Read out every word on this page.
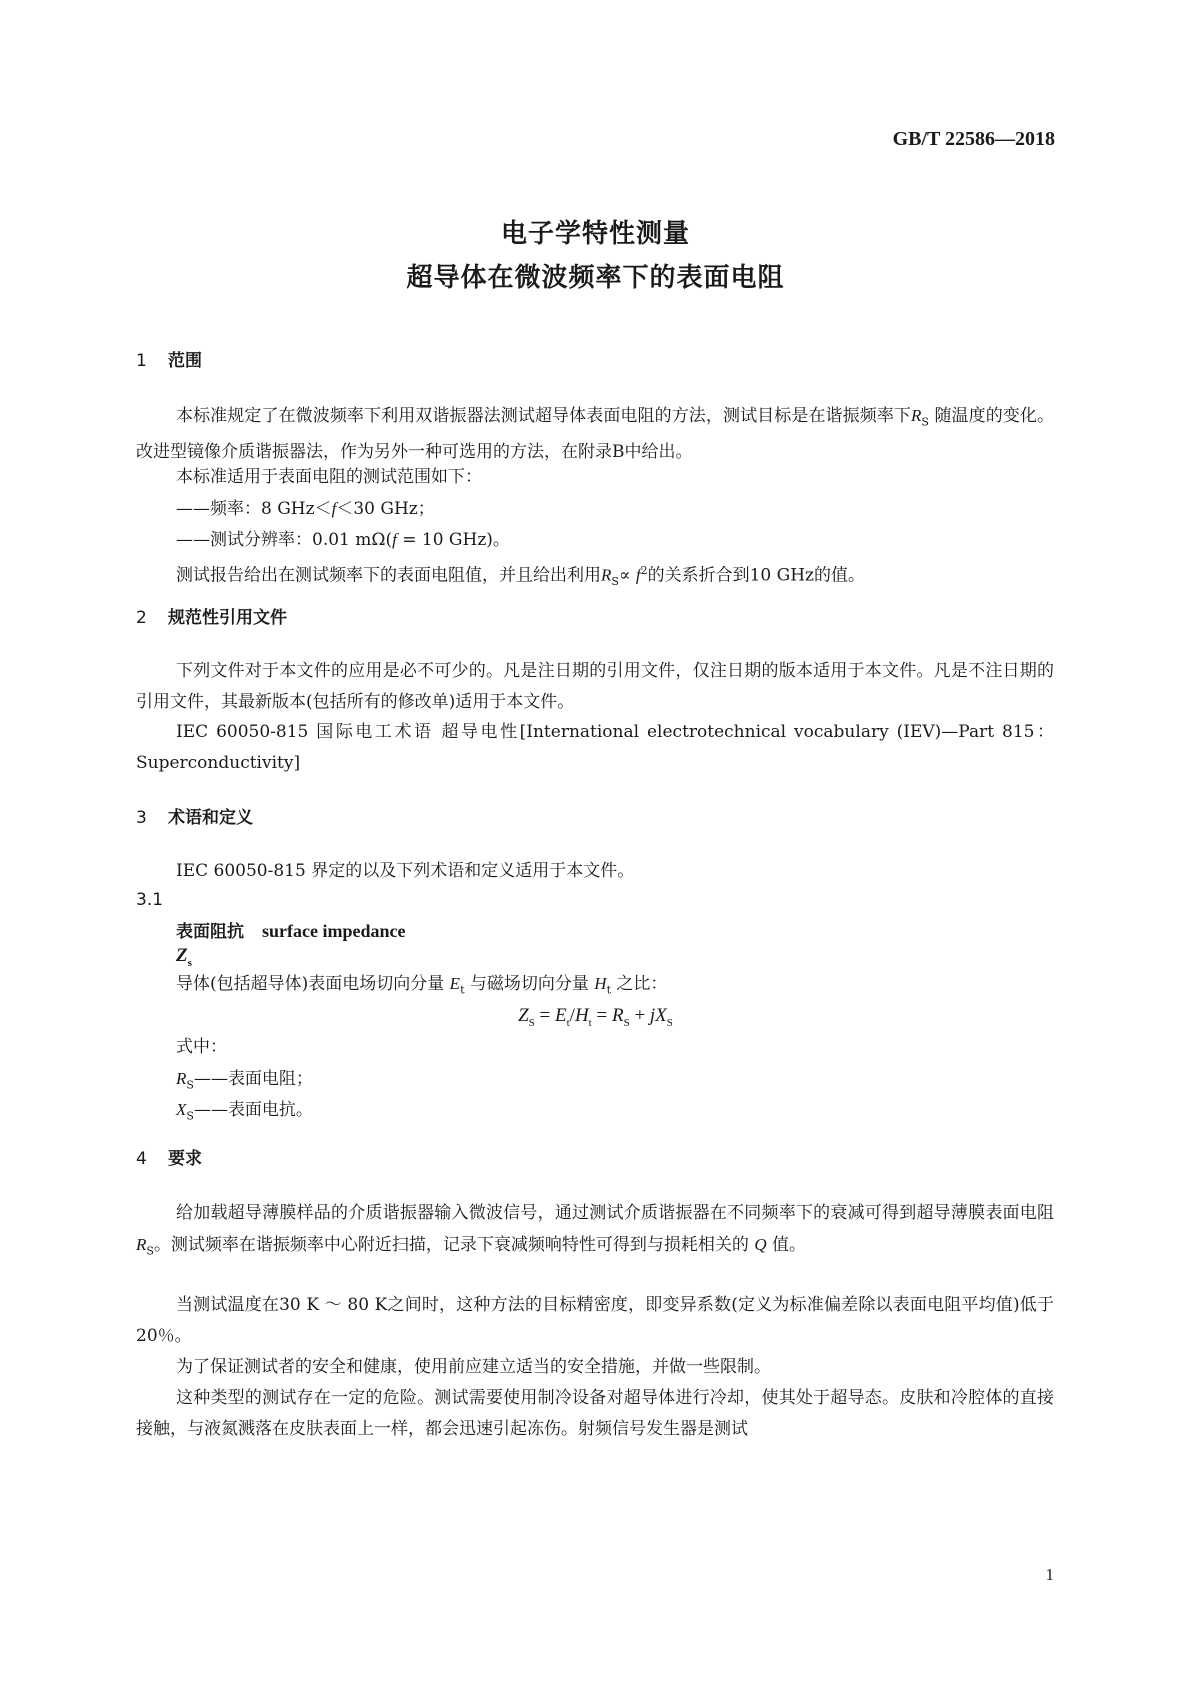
GB/T 22586—2018
电子学特性测量
超导体在微波频率下的表面电阻
1 范围
本标准规定了在微波频率下利用双谐振器法测试超导体表面电阻的方法，测试目标是在谐振频率下$R_S$ 随温度的变化。改进型镜像介质谐振器法，作为另外一种可选用的方法，在附录B中给出。
本标准适用于表面电阻的测试范围如下：
——频率：8 GHz＜f＜30 GHz；
——测试分辨率：0.01 mΩ(f = 10 GHz)。
测试报告给出在测试频率下的表面电阻值，并且给出利用$R_S\propto f^2$的关系折合到10 GHz的值。
2 规范性引用文件
下列文件对于本文件的应用是必不可少的。凡是注日期的引用文件，仅注日期的版本适用于本文件。凡是不注日期的引用文件，其最新版本(包括所有的修改单)适用于本文件。
IEC 60050-815 国际电工术语 超导电性[International electrotechnical vocabulary (IEV)—Part 815：Superconductivity]
3 术语和定义
IEC 60050-815 界定的以及下列术语和定义适用于本文件。
3.1
表面阻抗 surface impedance
$Z_s$
导体(包括超导体)表面电场切向分量 $E_t$ 与磁场切向分量 $H_t$ 之比：
$Z_S = E_t/H_t = R_S + jX_S$
式中：
$R_S——$表面电阻；
$X_S——$表面电抗。
4 要求
给加载超导薄膜样品的介质谐振器输入微波信号，通过测试介质谐振器在不同频率下的衰减可得到超导薄膜表面电阻 $R_S$。测试频率在谐振频率中心附近扫描，记录下衰减频响特性可得到与损耗相关的 Q 值。
当测试温度在30 K ～ 80 K之间时，这种方法的目标精密度，即变异系数(定义为标准偏差除以表面电阻平均值)低于20％。
为了保证测试者的安全和健康，使用前应建立适当的安全措施，并做一些限制。
这种类型的测试存在一定的危险。测试需要使用制冷设备对超导体进行冷却，使其处于超导态。皮肤和冷腔体的直接接触，与液氮溅落在皮肤表面上一样，都会迅速引起冻伤。射频信号发生器是测试
1
